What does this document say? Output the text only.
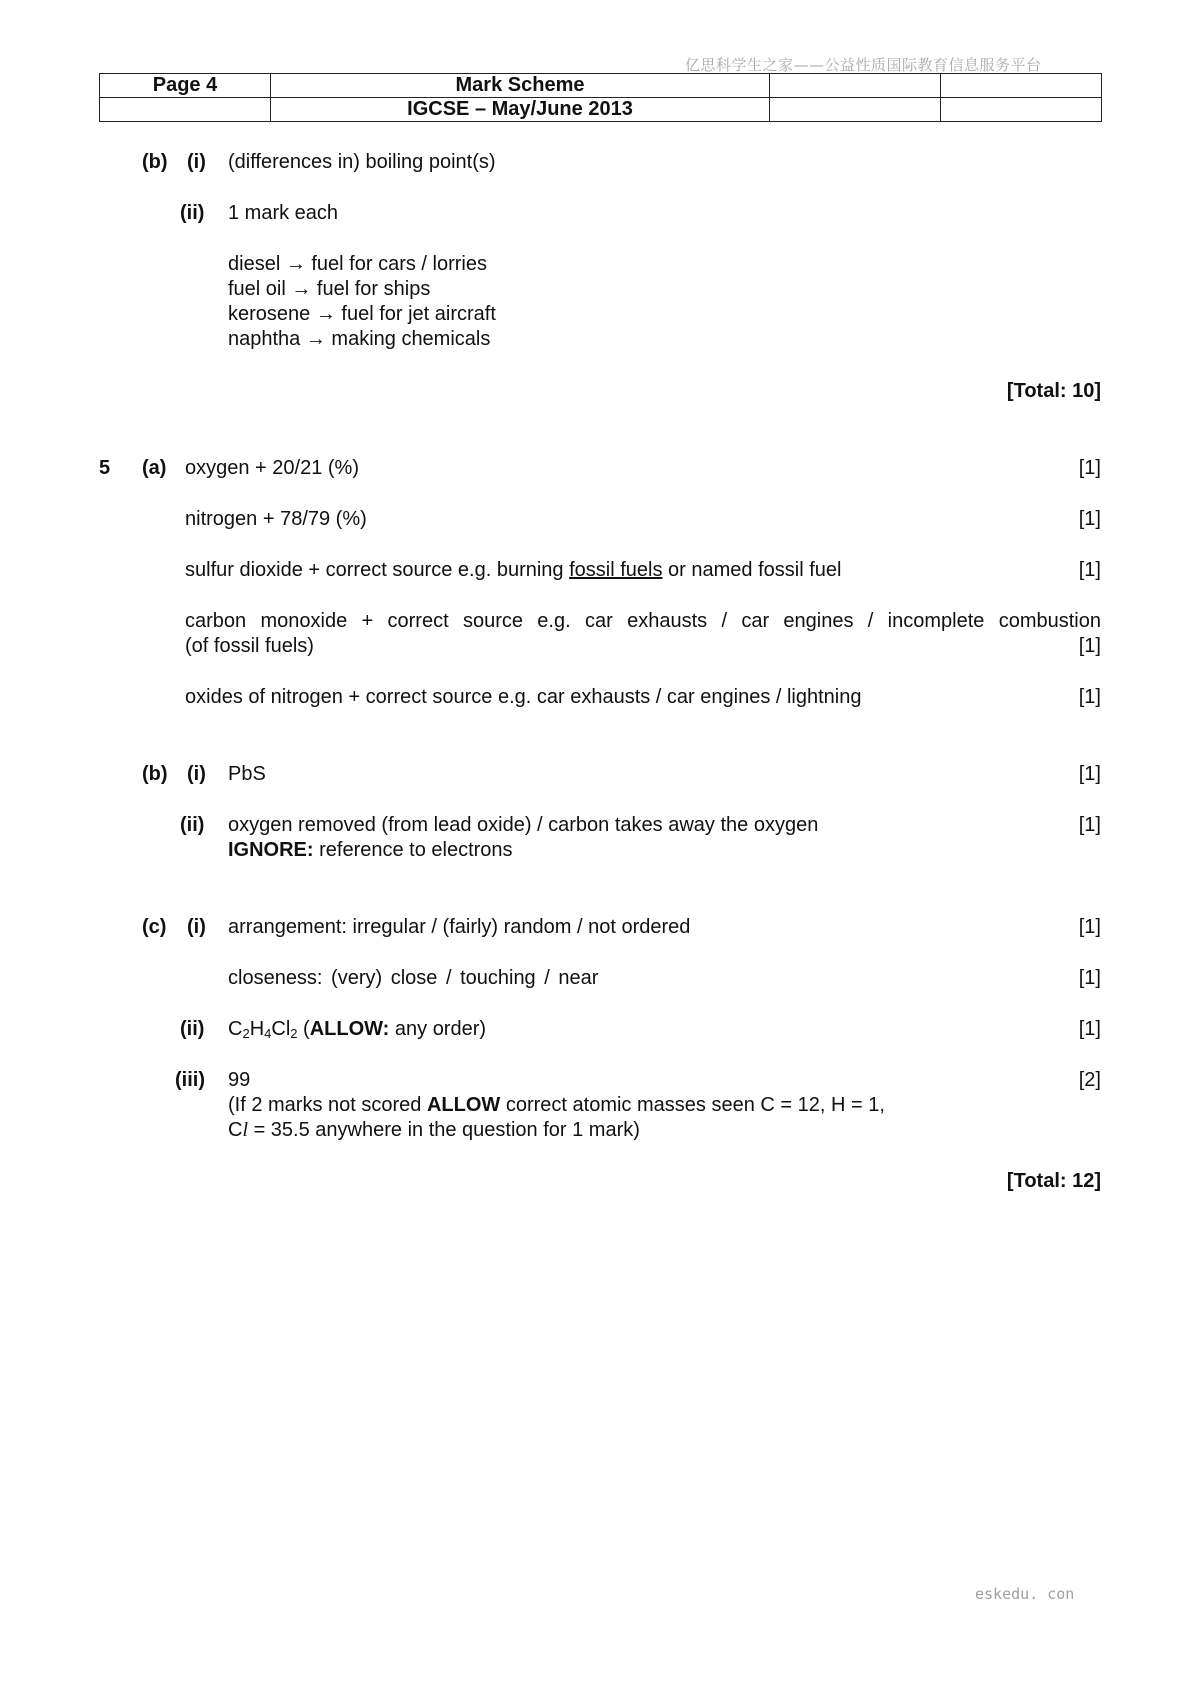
亿思科学生之家——公益性质国际教育信息服务平台
Page 4	Mark Scheme		
	IGCSE – May/June 2013		
(b) (i) (differences in) boiling point(s)
(ii) 1 mark each
diesel → fuel for cars / lorries
fuel oil → fuel for ships
kerosene → fuel for jet aircraft
naphtha → making chemicals
[Total: 10]
5 (a) oxygen + 20/21 (%)	[1]
nitrogen + 78/79 (%)	[1]
sulfur dioxide + correct source e.g. burning fossil fuels or named fossil fuel	[1]
carbon monoxide + correct source e.g. car exhausts / car engines / incomplete combustion
(of fossil fuels)	[1]
oxides of nitrogen + correct source e.g. car exhausts / car engines / lightning	[1]
(b) (i) PbS	[1]
(ii) oxygen removed (from lead oxide) / carbon takes away the oxygen	[1]
IGNORE: reference to electrons
(c) (i) arrangement: irregular / (fairly) random / not ordered	[1]
closeness: (very) close / touching / near	[1]
(ii) $C_2H_4Cl_2$ (ALLOW: any order)	[1]
(iii) 99	[2]
(If 2 marks not scored ALLOW correct atomic masses seen C = 12, H = 1,
Cl = 35.5 anywhere in the question for 1 mark)
[Total: 12]
eskedu. con
